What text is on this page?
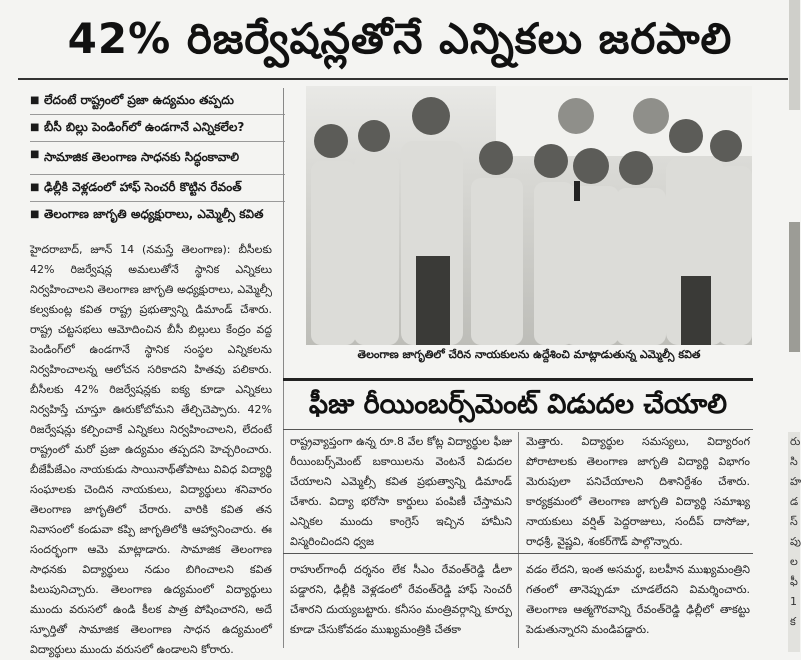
42% రిజర్వేషన్లతోనే ఎన్నికలు జరపాలి
■ లేదంటే రాష్ట్రంలో ప్రజా ఉద్యమం తప్పదు
■ బీసీ బిల్లు పెండింగ్‌లో ఉండగానే ఎన్నికలేల?
■ సామాజిక తెలంగాణ సాధనకు సిద్ధంకావాలి
■ ఢిల్లీకి వెళ్లడంలో హాఫ్ సెంచరీ కొట్టిన రేవంత్
■ తెలంగాణ జాగృతి అధ్యక్షురాలు, ఎమ్మెల్సీ కవిత
హైదరాబాద్, జూన్ 14 (నమస్తే తెలంగాణ): బీసీలకు 42% రిజర్వేషన్ల అమలుతోనే స్థానిక ఎన్నికలు నిర్వహించాలని తెలంగాణ జాగృతి అధ్యక్షురాలు, ఎమ్మెల్సీ కల్వకుంట్ల కవిత రాష్ట్ర ప్రభుత్వాన్ని డిమాండ్ చేశారు. రాష్ట్ర చట్టసభలు ఆమోదించిన బీసీ బిల్లులు కేంద్రం వద్ద పెండింగ్‌లో ఉండగానే స్థానిక సంస్థల ఎన్నికలను నిర్వహించాలన్న ఆలోచన సరికాదని హితవు పలికారు. బీసీలకు 42% రిజర్వేషన్లకు ఐక్య కూడా ఎన్నికలు నిర్వహిస్తే చూస్తూ ఊరుకోబోమని తేల్చిచెప్పారు. 42% రిజర్వేషన్లు కల్పించాకే ఎన్నికలు నిర్వహించాలని, లేదంటే రాష్ట్రంలో మరో ప్రజా ఉద్యమం తప్పదని హెచ్చరించారు. బీజేపీజేఎం నాయకుడు సాయినాథ్‌తోపాటు వివిధ విద్యార్థి సంఘాలకు చెందిన నాయకులు, విద్యార్థులు శనివారం తెలంగాణ జాగృతిలో చేరారు. వారికి కవిత తన నివాసంలో కండువా కప్పి జాగృతిలోకి ఆహ్వానించారు. ఈ సందర్భంగా ఆమె మాట్లాడారు. సామాజిక తెలంగాణ సాధనకు విద్యార్థులు నడుం బిగించాలని కవిత పిలుపునిచ్చారు. తెలంగాణ ఉద్యమంలో విద్యార్థులు ముందు వరుసలో ఉండి కీలక పాత్ర పోషించారని, అదే స్ఫూర్తితో సామాజిక తెలంగాణ సాధన ఉద్యమంలో విద్యార్థులు ముందు వరుసలో ఉండాలని కోరారు.
తెలంగాణ జాగృతిలో చేరిన నాయకులను ఉద్దేశించి మాట్లాడుతున్న ఎమ్మెల్సీ కవిత
ఫీజు రీయింబర్స్‌మెంట్ విడుదల చేయాలి
రాష్ట్రవ్యాప్తంగా ఉన్న రూ.8 వేల కోట్ల విద్యార్థుల ఫీజు రీయింబర్స్‌మెంట్ బకాయిలను వెంటనే విడుదల చేయాలని ఎమ్మెల్సీ కవిత ప్రభుత్వాన్ని డిమాండ్ చేశారు. విద్యా భరోసా కార్డులు పంపిణీ చేస్తామని ఎన్నికల ముందు కాంగ్రెస్ ఇచ్చిన హామీని విస్మరించిందని ధ్వజ
మెత్తారు. విద్యార్థుల సమస్యలు, విద్యారంగ పోరాటాలకు తెలంగాణ జాగృతి విద్యార్థి విభాగం మెరుపులా పనిచేయాలని దిశానిర్దేశం చేశారు. కార్యక్రమంలో తెలంగాణ జాగృతి విద్యార్థి సమాఖ్య నాయకులు వర్షిత్ పెద్దరాజులు, సందీప్ దాసోజు, రాధశ్రీ, వైష్ణవి, శంకర్‌గౌడ్ పాల్గొన్నారు.
రాహుల్‌గాంధీ దర్శనం లేక సీఎం రేవంత్‌రెడ్డి డీలా పడ్డారని, ఢిల్లీకి వెళ్లడంలో రేవంత్‌రెడ్డి హాఫ్ సెంచరీ చేశారని దుయ్యబట్టారు. కనీసం మంత్రివర్గాన్ని కూర్పు కూడా చేసుకోవడం ముఖ్యమంత్రికి చేతకా
వడం లేదని, ఇంత అసమర్థ, బలహీన ముఖ్యమంత్రిని గతంలో తానెప్పుడూ చూడలేదని విమర్శించారు. తెలంగాణ ఆత్మగౌరవాన్ని రేవంత్‌రెడ్డి ఢిల్లీలో తాకట్టు పెడుతున్నారని మండిపడ్డారు.
రు
సి
హ
డ
స్
పు
ల
ఫీ
1
క
